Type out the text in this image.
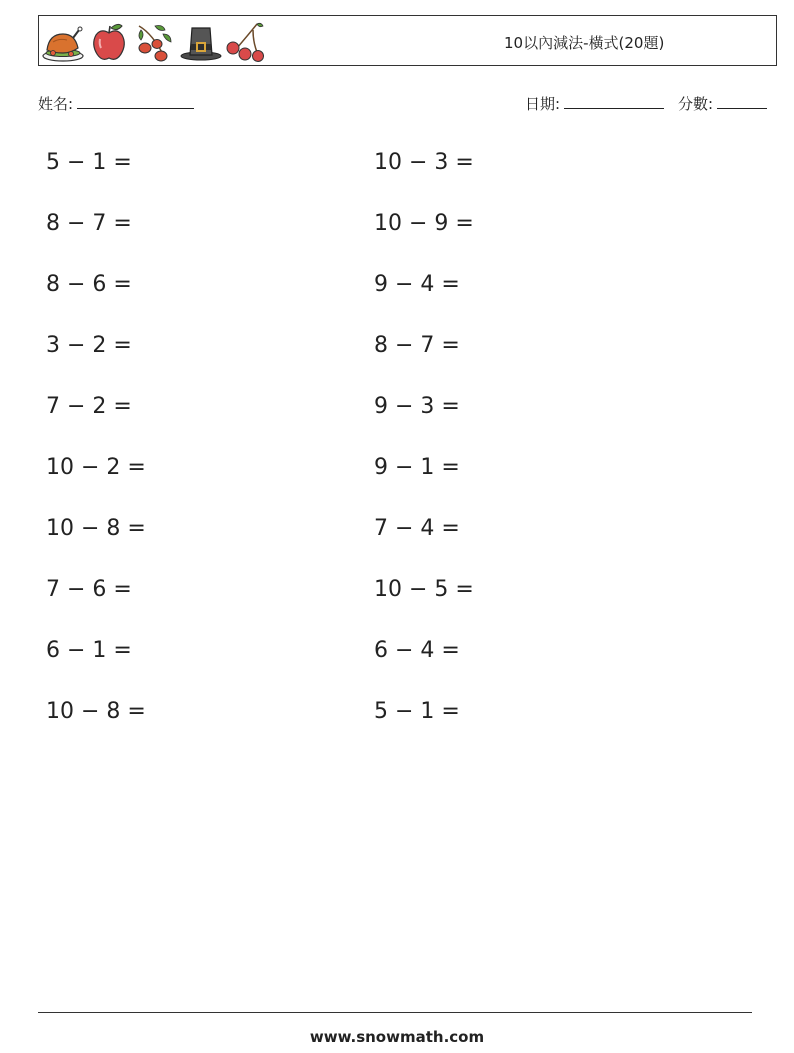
10以內減法-橫式(20題)
姓名:	日期:	分數:
5 − 1 =
8 − 7 =
8 − 6 =
3 − 2 =
7 − 2 =
10 − 2 =
10 − 8 =
7 − 6 =
6 − 1 =
10 − 8 =
10 − 3 =
10 − 9 =
9 − 4 =
8 − 7 =
9 − 3 =
9 − 1 =
7 − 4 =
10 − 5 =
6 − 4 =
5 − 1 =
www.snowmath.com
